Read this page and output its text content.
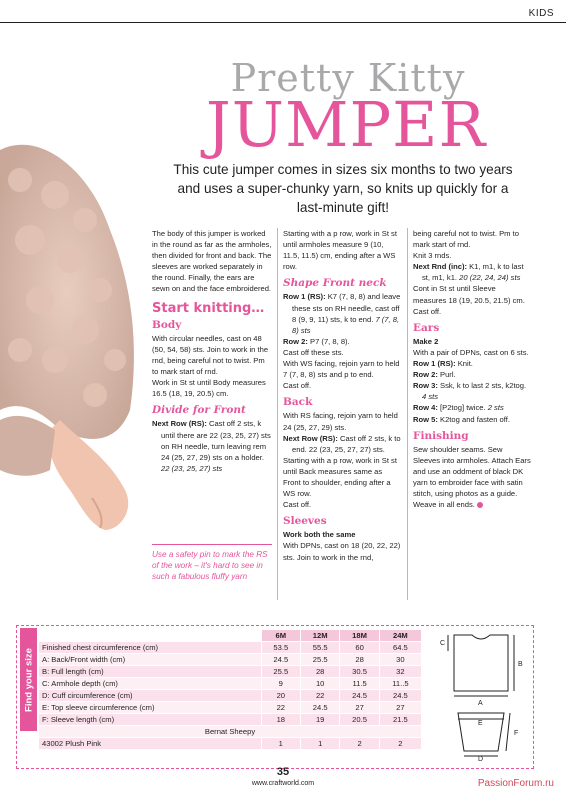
KIDS
Pretty Kitty
JUMPER
This cute jumper comes in sizes six months to two years and uses a super-chunky yarn, so knits up quickly for a last-minute gift!

The body of this jumper is worked in the round as far as the armholes, then divided for front and back. The sleeves are worked separately in the round. Finally, the ears are sewn on and the face embroidered.

Start knitting…
Body

With circular needles, cast on 48 (50, 54, 58) sts. Join to work in the rnd, being careful not to twist. Pm to mark start of rnd.

Work in St st until Body measures 16.5 (18, 19, 20.5) cm.

Divide for Front

Next Row (RS): Cast off 2 sts, k until there are 22 (23, 25, 27) sts on RH needle, turn leaving rem 24 (25, 27, 29) sts on a holder. 22 (23, 25, 27) sts

Use a safety pin to mark the RS of the work – it's hard to see in such a fabulous fluffy yarn

Starting with a p row, work in St st until armholes measure 9 (10, 11.5, 11.5) cm, ending after a WS row.

Shape Front neck

Row 1 (RS): K7 (7, 8, 8) and leave these sts on RH needle, cast off 8 (9, 9, 11) sts, k to end. 7 (7, 8, 8) sts

Row 2: P7 (7, 8, 8).

Cast off these sts.

With WS facing, rejoin yarn to held 7 (7, 8, 8) sts and p to end.

Cast off.

Back

With RS facing, rejoin yarn to held 24 (25, 27, 29) sts.

Next Row (RS): Cast off 2 sts, k to end. 22 (23, 25, 27, 27) sts.

Starting with a p row, work in St st until Back measures same as Front to shoulder, ending after a WS row.

Cast off.

Sleeves

Work both the same

With DPNs, cast on 18 (20, 22, 22) sts. Join to work in the rnd,

being careful not to twist. Pm to mark start of rnd.

Knit 3 rnds.

Next Rnd (inc): K1, m1, k to last st, m1, k1. 20 (22, 24, 24) sts

Cont in St st until Sleeve measures 18 (19, 20.5, 21.5) cm.

Cast off.

Ears

Make 2

With a pair of DPNs, cast on 6 sts.

Row 1 (RS): Knit.

Row 2: Purl.

Row 3: Ssk, k to last 2 sts, k2tog. 4 sts

Row 4: [P2tog] twice. 2 sts

Row 5: K2tog and fasten off.

Finishing

Sew shoulder seams. Sew Sleeves into armholes. Attach Ears and use an oddment of black DK yarn to embroider face with satin stitch, using photos as a guide. Weave in all ends.

Find your size
	6M	12M	18M	24M
Finished chest circumference (cm)	53.5	55.5	60	64.5
A: Back/Front width (cm)	24.5	25.5	28	30
B: Full length (cm)	25.5	28	30.5	32
C: Armhole depth (cm)	9	10	11.5	11..5
D: Cuff circumference (cm)	20	22	24.5	24.5
E: Top sleeve circumference (cm)	22	24.5	27	27
F: Sleeve length (cm)	18	19	20.5	21.5
Bernat Sheepy				
43002 Plush Pink	1	1	2	2
C
B
A
E
F
D
35
www.craftworld.com	PassionForum.ru
